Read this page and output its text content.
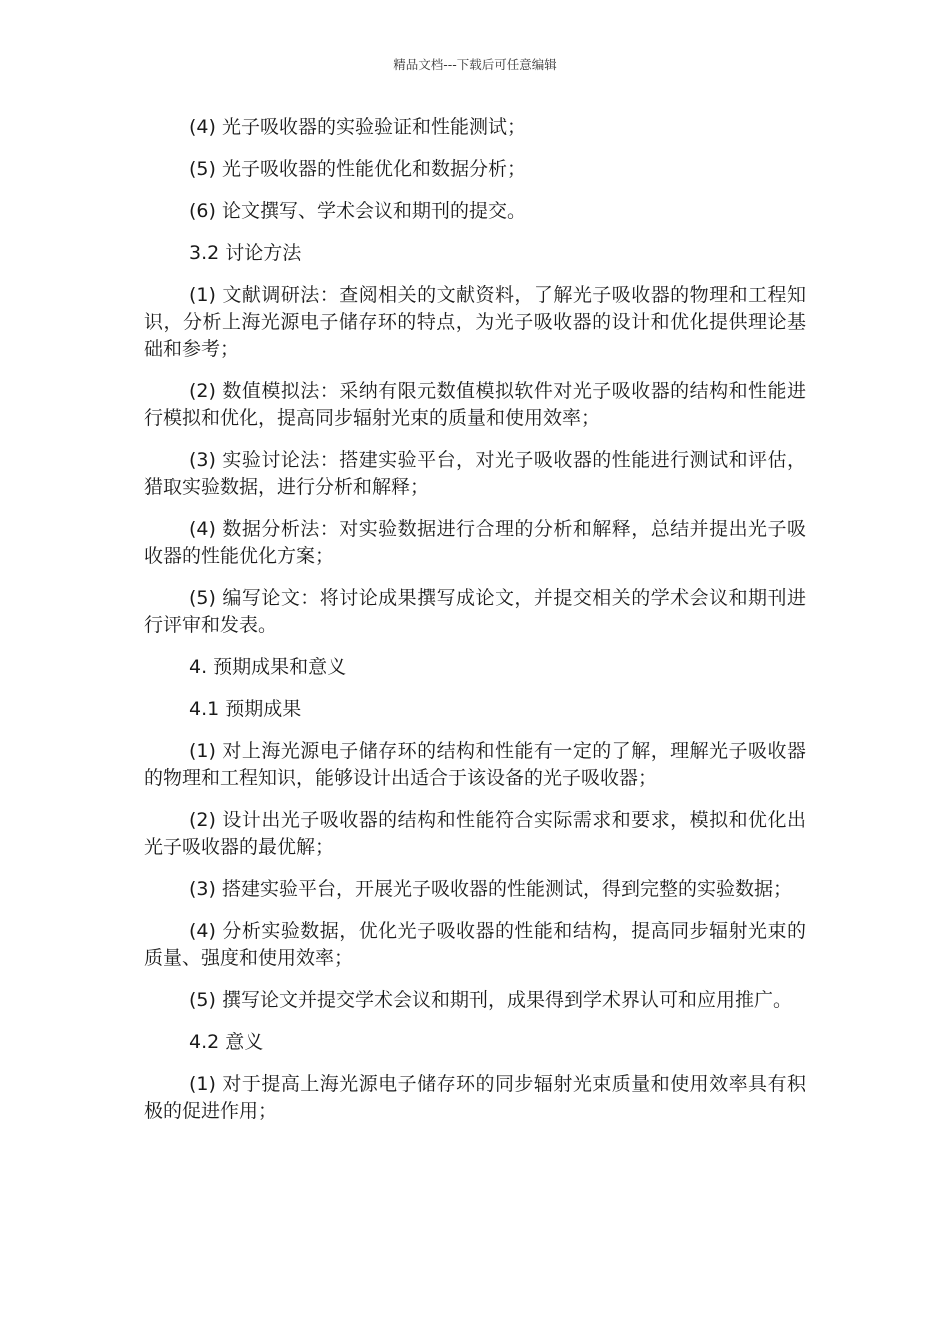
精品文档---下载后可任意编辑

(4) 光子吸收器的实验验证和性能测试；

(5) 光子吸收器的性能优化和数据分析；

(6) 论文撰写、学术会议和期刊的提交。

3.2 讨论方法

(1) 文献调研法：查阅相关的文献资料，了解光子吸收器的物理和工程知识，分析上海光源电子储存环的特点，为光子吸收器的设计和优化提供理论基础和参考；

(2) 数值模拟法：采纳有限元数值模拟软件对光子吸收器的结构和性能进行模拟和优化，提高同步辐射光束的质量和使用效率；

(3) 实验讨论法：搭建实验平台，对光子吸收器的性能进行测试和评估，猎取实验数据，进行分析和解释；

(4) 数据分析法：对实验数据进行合理的分析和解释，总结并提出光子吸收器的性能优化方案；

(5) 编写论文：将讨论成果撰写成论文，并提交相关的学术会议和期刊进行评审和发表。

4. 预期成果和意义

4.1 预期成果

(1) 对上海光源电子储存环的结构和性能有一定的了解，理解光子吸收器的物理和工程知识，能够设计出适合于该设备的光子吸收器；

(2) 设计出光子吸收器的结构和性能符合实际需求和要求，模拟和优化出光子吸收器的最优解；

(3) 搭建实验平台，开展光子吸收器的性能测试，得到完整的实验数据；

(4) 分析实验数据，优化光子吸收器的性能和结构，提高同步辐射光束的质量、强度和使用效率；

(5) 撰写论文并提交学术会议和期刊，成果得到学术界认可和应用推广。

4.2 意义

(1) 对于提高上海光源电子储存环的同步辐射光束质量和使用效率具有积极的促进作用；
